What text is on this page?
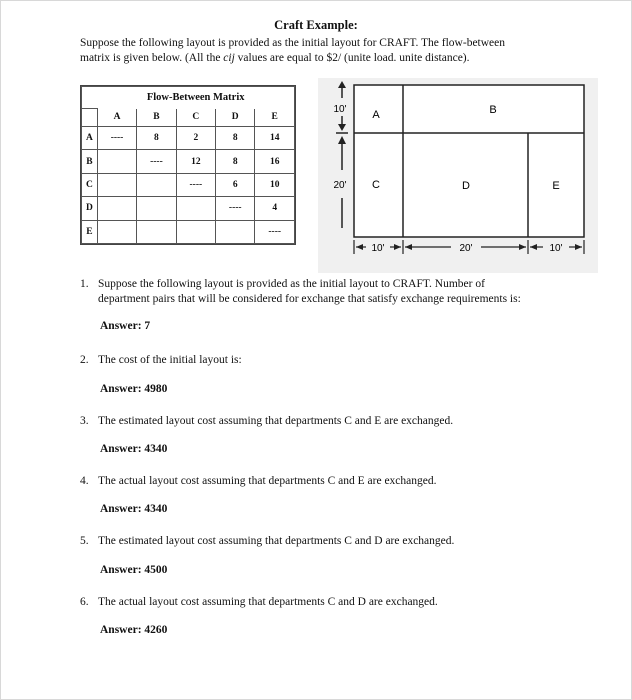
Craft Example:
Suppose the following layout is provided as the initial layout for CRAFT. The flow-between
matrix is given below. (All the cij values are equal to $2/ (unite load. unite distance).
	Flow-Between Matrix				
	A	B	C	D	E
A	----	8	2	8	14
B		----	12	8	16
C			----	6	10
D				----	4
E					----
A	B
C	D	E
10'
20'
10'	20'	10'
1. Suppose the following layout is provided as the initial layout to CRAFT. Number of
department pairs that will be considered for exchange that satisfy exchange requirements is:
Answer: 7
2. The cost of the initial layout is:
Answer: 4980
3. The estimated layout cost assuming that departments C and E are exchanged.
Answer: 4340
4. The actual layout cost assuming that departments C and E are exchanged.
Answer: 4340
5. The estimated layout cost assuming that departments C and D are exchanged.
Answer: 4500
6. The actual layout cost assuming that departments C and D are exchanged.
Answer: 4260
